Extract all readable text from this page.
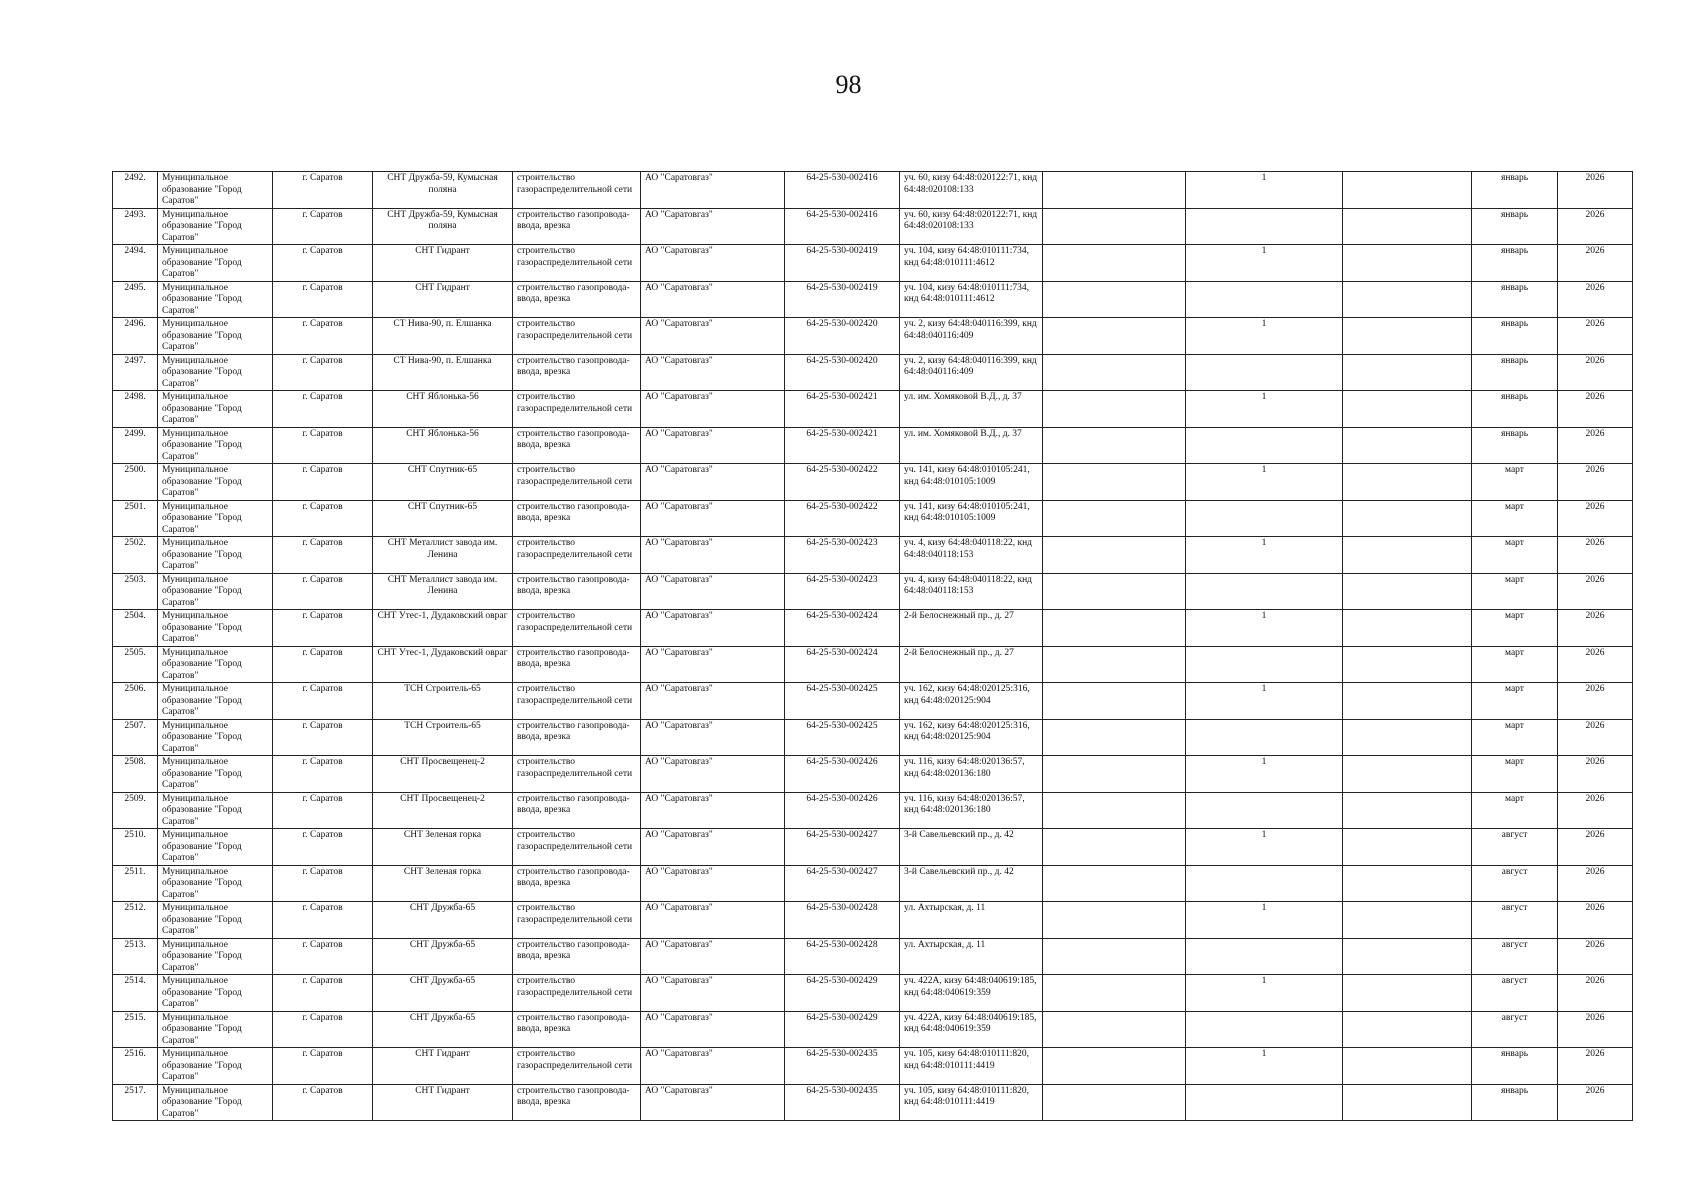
98
2492.	Муниципальное образование "Город Саратов"	г. Саратов	СНТ Дружба-59, Кумысная поляна	строительство газораспределительной сети	АО "Саратовгаз"	64-25-530-002416	уч. 60, кизу 64:48:020122:71, кнд 64:48:020108:133		1		январь	2026
2493.	Муниципальное образование "Город Саратов"	г. Саратов	СНТ Дружба-59, Кумысная поляна	строительство газопровода-ввода, врезка	АО "Саратовгаз"	64-25-530-002416	уч. 60, кизу 64:48:020122:71, кнд 64:48:020108:133				январь	2026
2494.	Муниципальное образование "Город Саратов"	г. Саратов	СНТ Гидрант	строительство газораспределительной сети	АО "Саратовгаз"	64-25-530-002419	уч. 104, кизу 64:48:010111:734, кнд 64:48:010111:4612		1		январь	2026
2495.	Муниципальное образование "Город Саратов"	г. Саратов	СНТ Гидрант	строительство газопровода-ввода, врезка	АО "Саратовгаз"	64-25-530-002419	уч. 104, кизу 64:48:010111:734, кнд 64:48:010111:4612				январь	2026
2496.	Муниципальное образование "Город Саратов"	г. Саратов	СТ Нива-90, п. Елшанка	строительство газораспределительной сети	АО "Саратовгаз"	64-25-530-002420	уч. 2, кизу 64:48:040116:399, кнд 64:48:040116:409		1		январь	2026
2497.	Муниципальное образование "Город Саратов"	г. Саратов	СТ Нива-90, п. Елшанка	строительство газопровода-ввода, врезка	АО "Саратовгаз"	64-25-530-002420	уч. 2, кизу 64:48:040116:399, кнд 64:48:040116:409				январь	2026
2498.	Муниципальное образование "Город Саратов"	г. Саратов	СНТ Яблонька-56	строительство газораспределительной сети	АО "Саратовгаз"	64-25-530-002421	ул. им. Хомяковой В.Д., д. 37		1		январь	2026
2499.	Муниципальное образование "Город Саратов"	г. Саратов	СНТ Яблонька-56	строительство газопровода-ввода, врезка	АО "Саратовгаз"	64-25-530-002421	ул. им. Хомяковой В.Д., д. 37				январь	2026
2500.	Муниципальное образование "Город Саратов"	г. Саратов	СНТ Спутник-65	строительство газораспределительной сети	АО "Саратовгаз"	64-25-530-002422	уч. 141, кизу 64:48:010105:241, кнд 64:48:010105:1009		1		март	2026
2501.	Муниципальное образование "Город Саратов"	г. Саратов	СНТ Спутник-65	строительство газопровода-ввода, врезка	АО "Саратовгаз"	64-25-530-002422	уч. 141, кизу 64:48:010105:241, кнд 64:48:010105:1009				март	2026
2502.	Муниципальное образование "Город Саратов"	г. Саратов	СНТ Металлист завода им. Ленина	строительство газораспределительной сети	АО "Саратовгаз"	64-25-530-002423	уч. 4, кизу 64:48:040118:22, кнд 64:48:040118:153		1		март	2026
2503.	Муниципальное образование "Город Саратов"	г. Саратов	СНТ Металлист завода им. Ленина	строительство газопровода-ввода, врезка	АО "Саратовгаз"	64-25-530-002423	уч. 4, кизу 64:48:040118:22, кнд 64:48:040118:153				март	2026
2504.	Муниципальное образование "Город Саратов"	г. Саратов	СНТ Утес-1, Дудаковский овраг	строительство газораспределительной сети	АО "Саратовгаз"	64-25-530-002424	2-й Белоснежный пр., д. 27		1		март	2026
2505.	Муниципальное образование "Город Саратов"	г. Саратов	СНТ Утес-1, Дудаковский овраг	строительство газопровода-ввода, врезка	АО "Саратовгаз"	64-25-530-002424	2-й Белоснежный пр., д. 27				март	2026
2506.	Муниципальное образование "Город Саратов"	г. Саратов	ТСН Строитель-65	строительство газораспределительной сети	АО "Саратовгаз"	64-25-530-002425	уч. 162, кизу 64:48:020125:316, кнд 64:48:020125:904		1		март	2026
2507.	Муниципальное образование "Город Саратов"	г. Саратов	ТСН Строитель-65	строительство газопровода-ввода, врезка	АО "Саратовгаз"	64-25-530-002425	уч. 162, кизу 64:48:020125:316, кнд 64:48:020125:904				март	2026
2508.	Муниципальное образование "Город Саратов"	г. Саратов	СНТ Просвещенец-2	строительство газораспределительной сети	АО "Саратовгаз"	64-25-530-002426	уч. 116, кизу 64:48:020136:57, кнд 64:48:020136:180		1		март	2026
2509.	Муниципальное образование "Город Саратов"	г. Саратов	СНТ Просвещенец-2	строительство газопровода-ввода, врезка	АО "Саратовгаз"	64-25-530-002426	уч. 116, кизу 64:48:020136:57, кнд 64:48:020136:180				март	2026
2510.	Муниципальное образование "Город Саратов"	г. Саратов	СНТ Зеленая горка	строительство газораспределительной сети	АО "Саратовгаз"	64-25-530-002427	3-й Савельевский пр., д. 42		1		август	2026
2511.	Муниципальное образование "Город Саратов"	г. Саратов	СНТ Зеленая горка	строительство газопровода-ввода, врезка	АО "Саратовгаз"	64-25-530-002427	3-й Савельевский пр., д. 42				август	2026
2512.	Муниципальное образование "Город Саратов"	г. Саратов	СНТ Дружба-65	строительство газораспределительной сети	АО "Саратовгаз"	64-25-530-002428	ул. Ахтырская, д. 11		1		август	2026
2513.	Муниципальное образование "Город Саратов"	г. Саратов	СНТ Дружба-65	строительство газопровода-ввода, врезка	АО "Саратовгаз"	64-25-530-002428	ул. Ахтырская, д. 11				август	2026
2514.	Муниципальное образование "Город Саратов"	г. Саратов	СНТ Дружба-65	строительство газораспределительной сети	АО "Саратовгаз"	64-25-530-002429	уч. 422А, кизу 64:48:040619:185, кнд 64:48:040619:359		1		август	2026
2515.	Муниципальное образование "Город Саратов"	г. Саратов	СНТ Дружба-65	строительство газопровода-ввода, врезка	АО "Саратовгаз"	64-25-530-002429	уч. 422А, кизу 64:48:040619:185, кнд 64:48:040619:359				август	2026
2516.	Муниципальное образование "Город Саратов"	г. Саратов	СНТ Гидрант	строительство газораспределительной сети	АО "Саратовгаз"	64-25-530-002435	уч. 105, кизу 64:48:010111:820, кнд 64:48:010111:4419		1		январь	2026
2517.	Муниципальное образование "Город Саратов"	г. Саратов	СНТ Гидрант	строительство газопровода-ввода, врезка	АО "Саратовгаз"	64-25-530-002435	уч. 105, кизу 64:48:010111:820, кнд 64:48:010111:4419				январь	2026
